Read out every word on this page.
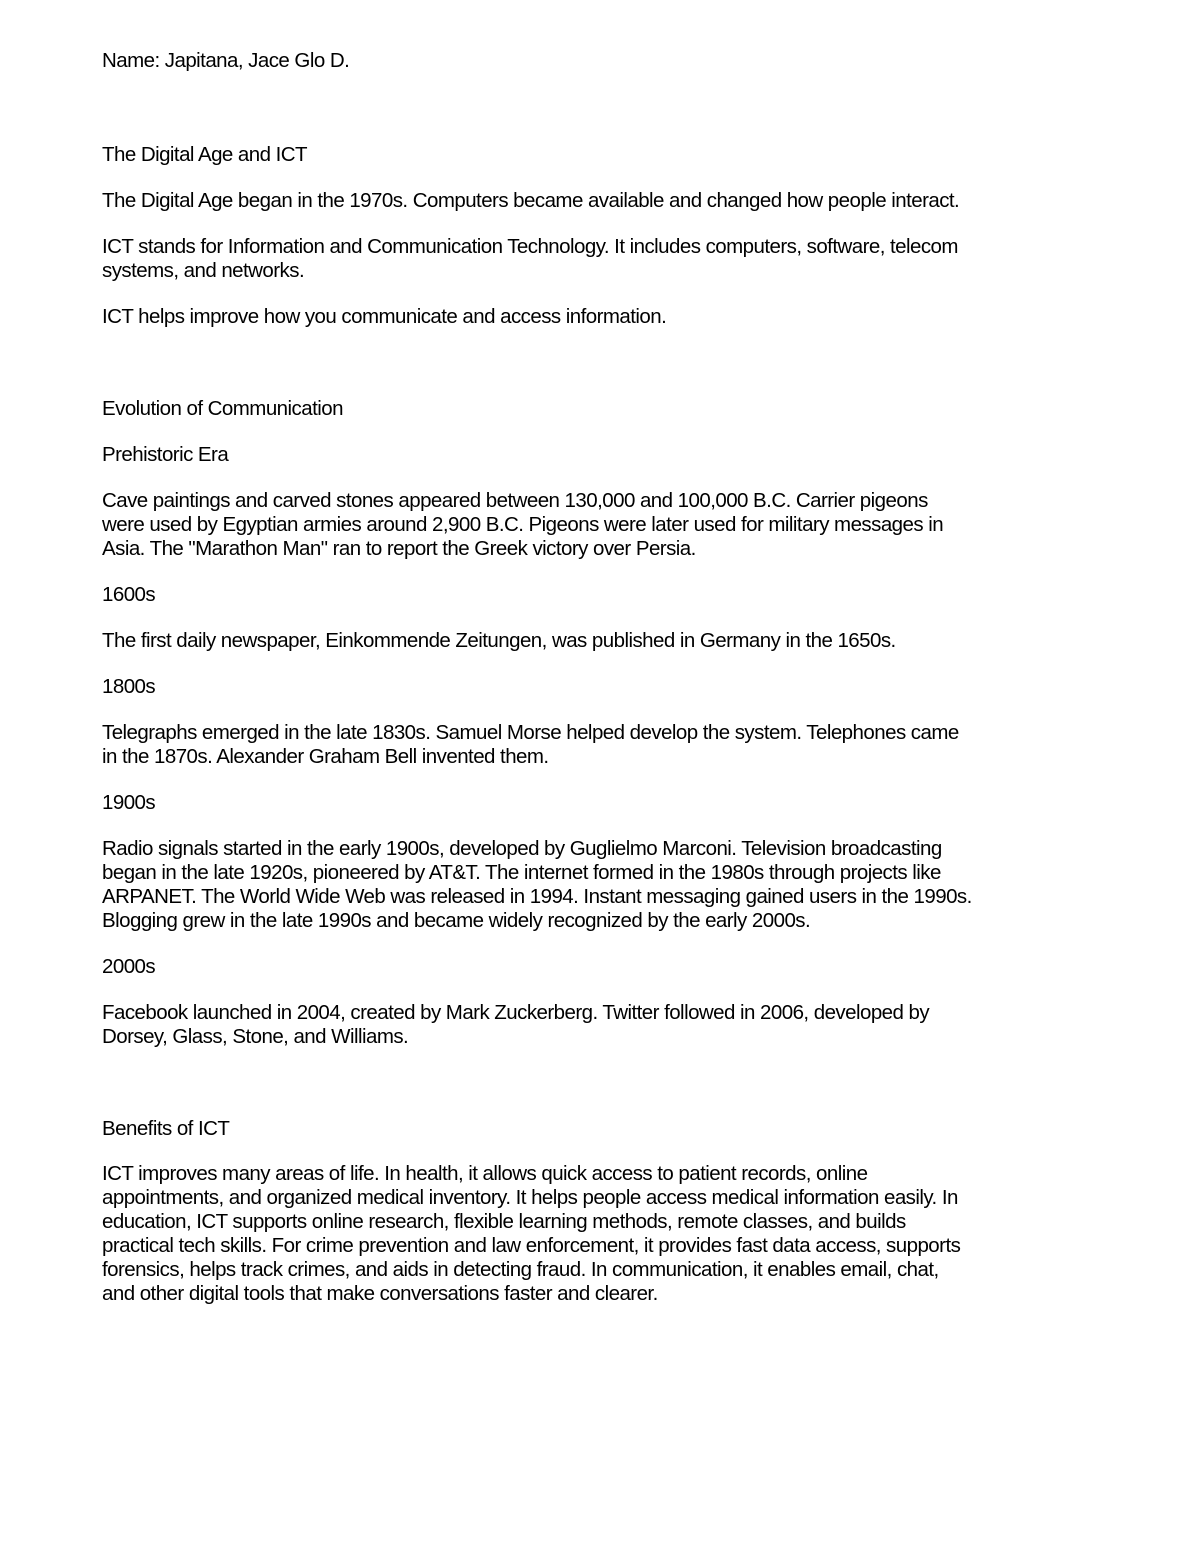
Name: Japitana, Jace Glo D.

The Digital Age and ICT

The Digital Age began in the 1970s. Computers became available and changed how people interact.

ICT stands for Information and Communication Technology. It includes computers, software, telecom

systems, and networks.

ICT helps improve how you communicate and access information.

Evolution of Communication

Prehistoric Era

Cave paintings and carved stones appeared between 130,000 and 100,000 B.C. Carrier pigeons

were used by Egyptian armies around 2,900 B.C. Pigeons were later used for military messages in

Asia. The "Marathon Man" ran to report the Greek victory over Persia.

1600s

The first daily newspaper, Einkommende Zeitungen, was published in Germany in the 1650s.

1800s

Telegraphs emerged in the late 1830s. Samuel Morse helped develop the system. Telephones came

in the 1870s. Alexander Graham Bell invented them.

1900s

Radio signals started in the early 1900s, developed by Guglielmo Marconi. Television broadcasting

began in the late 1920s, pioneered by AT&T. The internet formed in the 1980s through projects like

ARPANET. The World Wide Web was released in 1994. Instant messaging gained users in the 1990s.

Blogging grew in the late 1990s and became widely recognized by the early 2000s.

2000s

Facebook launched in 2004, created by Mark Zuckerberg. Twitter followed in 2006, developed by

Dorsey, Glass, Stone, and Williams.

Benefits of ICT

ICT improves many areas of life. In health, it allows quick access to patient records, online

appointments, and organized medical inventory. It helps people access medical information easily. In

education, ICT supports online research, flexible learning methods, remote classes, and builds

practical tech skills. For crime prevention and law enforcement, it provides fast data access, supports

forensics, helps track crimes, and aids in detecting fraud. In communication, it enables email, chat,

and other digital tools that make conversations faster and clearer.
